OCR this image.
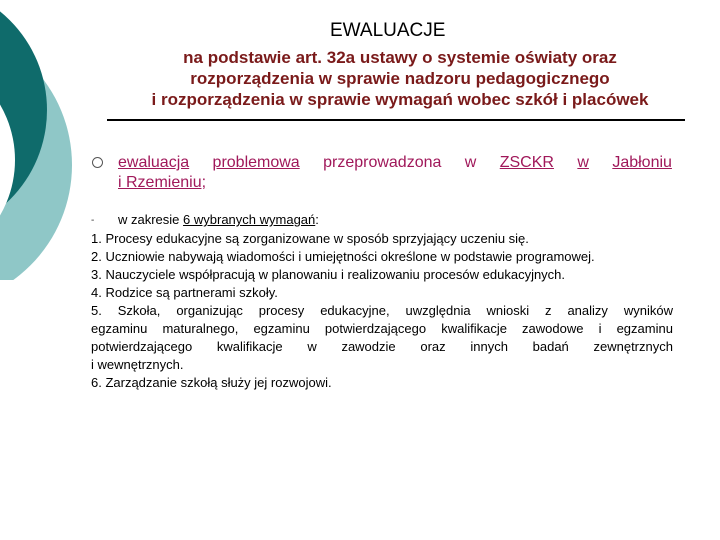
EWALUACJE
na podstawie art. 32a ustawy o systemie oświaty oraz
rozporządzenia w sprawie nadzoru pedagogicznego
i rozporządzenia w sprawie wymagań wobec szkół i placówek
ewaluacja problemowa przeprowadzona w ZSCKR w Jabłoniu
i Rzemieniu;
- w zakresie 6 wybranych wymagań:
1. Procesy edukacyjne są zorganizowane w sposób sprzyjający uczeniu się.
2. Uczniowie nabywają wiadomości i umiejętności określone w podstawie programowej.
3. Nauczyciele współpracują w planowaniu i realizowaniu procesów edukacyjnych.
4. Rodzice są partnerami szkoły.
5. Szkoła, organizując procesy edukacyjne, uwzględnia wnioski z analizy wyników
egzaminu maturalnego, egzaminu potwierdzającego kwalifikacje zawodowe i egzaminu
potwierdzającego kwalifikacje w zawodzie oraz innych badań zewnętrznych
i wewnętrznych.
6. Zarządzanie szkołą służy jej rozwojowi.
